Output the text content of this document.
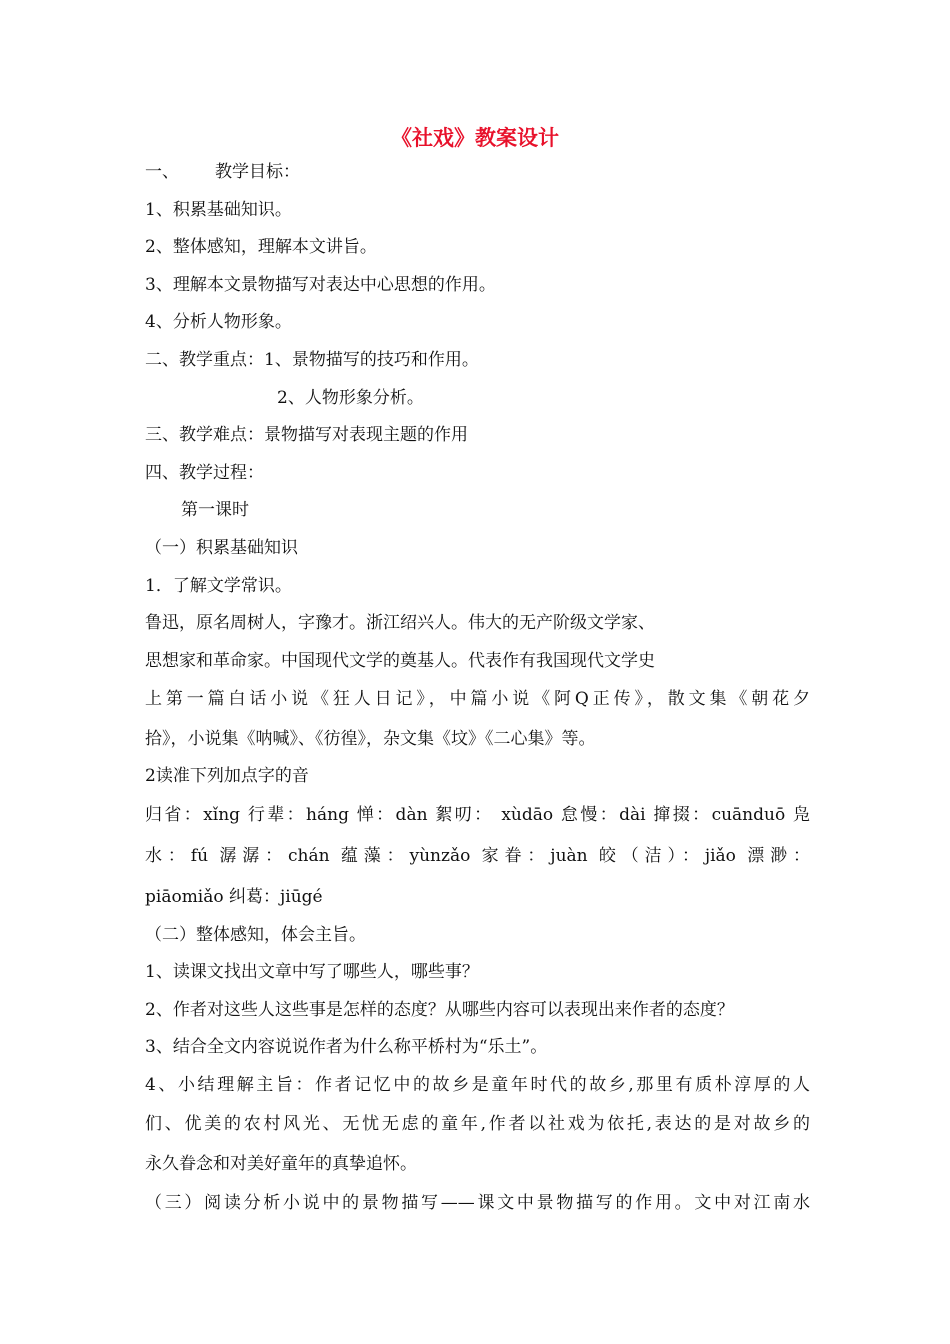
《社戏》教案设计
一、 教学目标：
1、积累基础知识。
2、整体感知，理解本文讲旨。
3、理解本文景物描写对表达中心思想的作用。
4、分析人物形象。
二、教学重点：1、景物描写的技巧和作用。
2、人物形象分析。
三、教学难点：景物描写对表现主题的作用
四、教学过程：
第一课时
（一）积累基础知识
1．了解文学常识。
鲁迅，原名周树人，字豫才。浙江绍兴人。伟大的无产阶级文学家、
思想家和革命家。中国现代文学的奠基人。代表作有我国现代文学史
上第一篇白话小说《狂人日记》，中篇小说《阿Q正传》，散文集《朝花夕
拾》，小说集《呐喊》、《彷徨》，杂文集《坟》《二心集》等。
2读准下列加点字的音
归省：xǐng 行辈：háng 惮：dàn 絮叨： xùdāo 怠慢：dài 撺掇：cuānduō 凫
水：fú 潺潺：chán 蕴藻：yùnzǎo 家眷：juàn 皎（洁）：jiǎo 漂渺：
piāomiǎo 纠葛：jiūgé
（二）整体感知，体会主旨。
1、读课文找出文章中写了哪些人，哪些事？
2、作者对这些人这些事是怎样的态度？从哪些内容可以表现出来作者的态度？
3、结合全文内容说说作者为什么称平桥村为“乐土”。
4、小结理解主旨：作者记忆中的故乡是童年时代的故乡,那里有质朴淳厚的人
们、优美的农村风光、无忧无虑的童年,作者以社戏为依托,表达的是对故乡的
永久眷念和对美好童年的真挚追怀。
（三）阅读分析小说中的景物描写——课文中景物描写的作用。文中对江南水
